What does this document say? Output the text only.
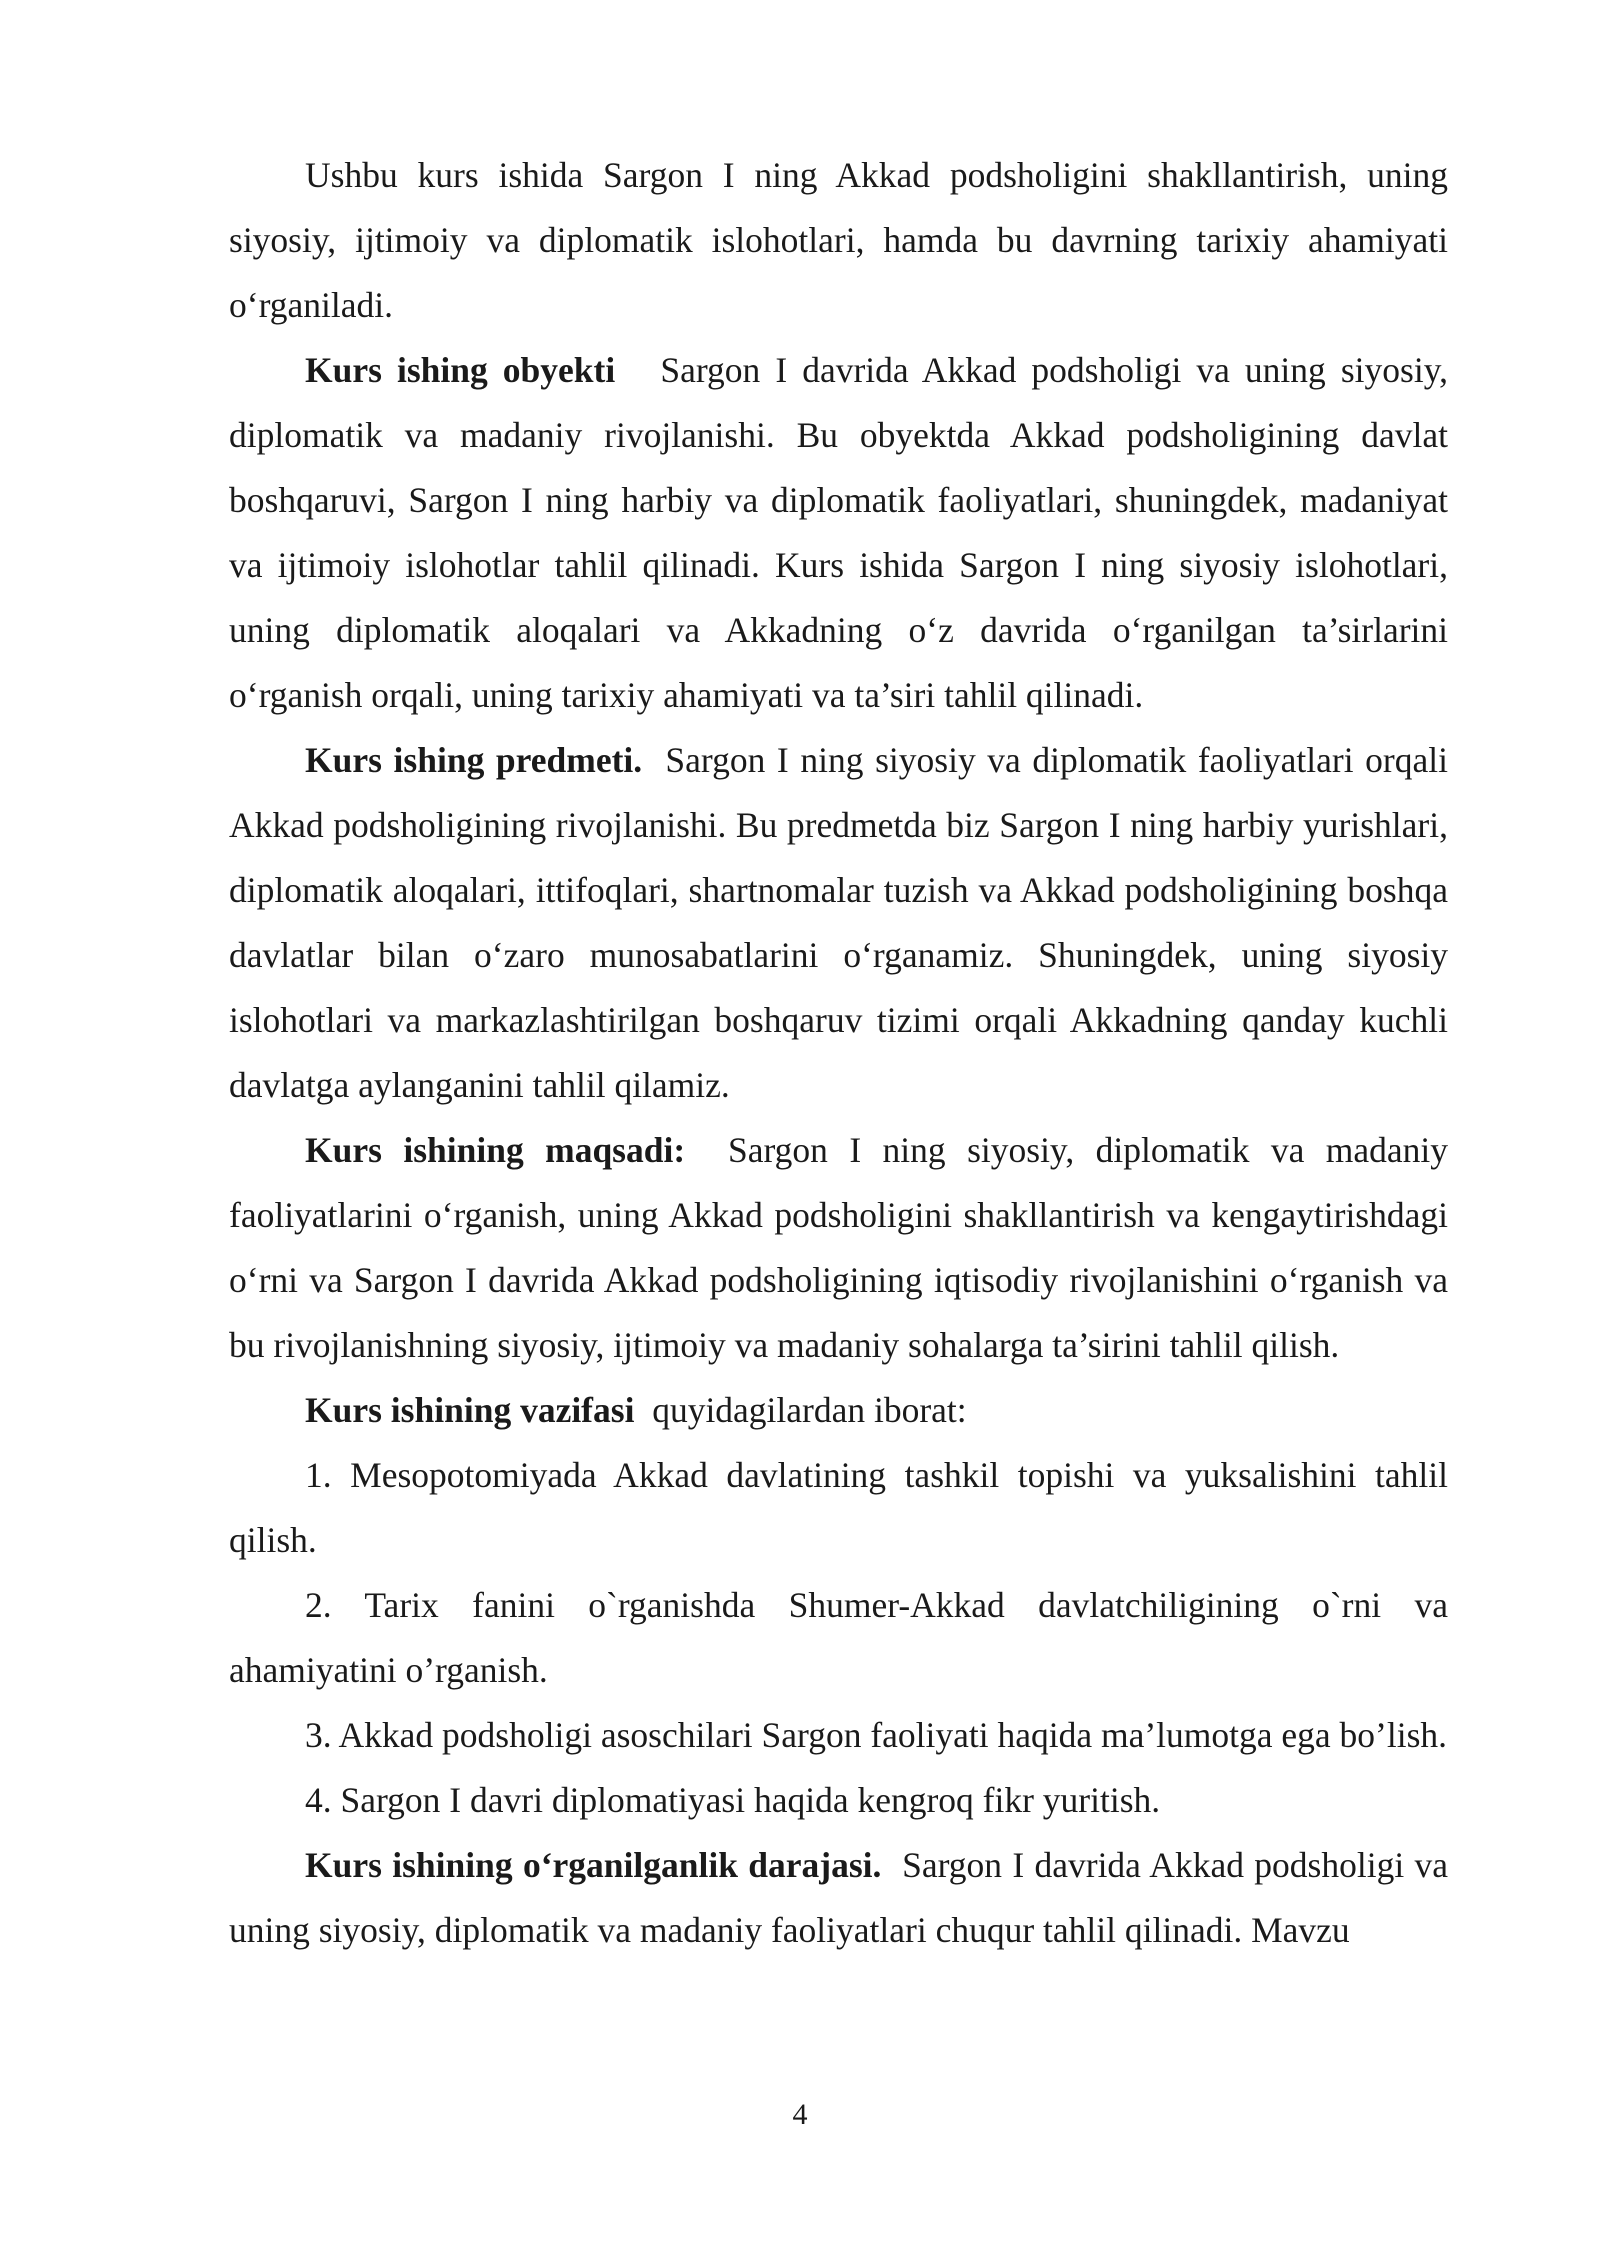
Ushbu kurs ishida Sargon I ning Akkad podsholigini shakllantirish, uning siyosiy, ijtimoiy va diplomatik islohotlari, hamda bu davrning tarixiy ahamiyati o‘rganiladi.

Kurs ishing obyekti Sargon I davrida Akkad podsholigi va uning siyosiy, diplomatik va madaniy rivojlanishi. Bu obyektda Akkad podsholigining davlat boshqaruvi, Sargon I ning harbiy va diplomatik faoliyatlari, shuningdek, madaniyat va ijtimoiy islohotlar tahlil qilinadi. Kurs ishida Sargon I ning siyosiy islohotlari, uning diplomatik aloqalari va Akkadning o‘z davrida o‘rganilgan ta’sirlarini o‘rganish orqali, uning tarixiy ahamiyati va ta’siri tahlil qilinadi.

Kurs ishing predmeti. Sargon I ning siyosiy va diplomatik faoliyatlari orqali Akkad podsholigining rivojlanishi. Bu predmetda biz Sargon I ning harbiy yurishlari, diplomatik aloqalari, ittifoqlari, shartnomalar tuzish va Akkad podsholigining boshqa davlatlar bilan o‘zaro munosabatlarini o‘rganamiz. Shuningdek, uning siyosiy islohotlari va markazlashtirilgan boshqaruv tizimi orqali Akkadning qanday kuchli davlatga aylanganini tahlil qilamiz.

Kurs ishining maqsadi: Sargon I ning siyosiy, diplomatik va madaniy faoliyatlarini o‘rganish, uning Akkad podsholigini shakllantirish va kengaytirishdagi o‘rni va Sargon I davrida Akkad podsholigining iqtisodiy rivojlanishini o‘rganish va bu rivojlanishning siyosiy, ijtimoiy va madaniy sohalarga ta’sirini tahlil qilish.

Kurs ishining vazifasi quyidagilardan iborat:

1. Mesopotomiyada Akkad davlatining tashkil topishi va yuksalishini tahlil qilish.

2. Tarix fanini o`rganishda Shumer-Akkad davlatchiligining o`rni va ahamiyatini o’rganish.

3. Akkad podsholigi asoschilari Sargon faoliyati haqida ma’lumotga ega bo’lish.

4. Sargon I davri diplomatiyasi haqida kengroq fikr yuritish.

Kurs ishining o‘rganilganlik darajasi. Sargon I davrida Akkad podsholigi va uning siyosiy, diplomatik va madaniy faoliyatlari chuqur tahlil qilinadi. Mavzu

4
